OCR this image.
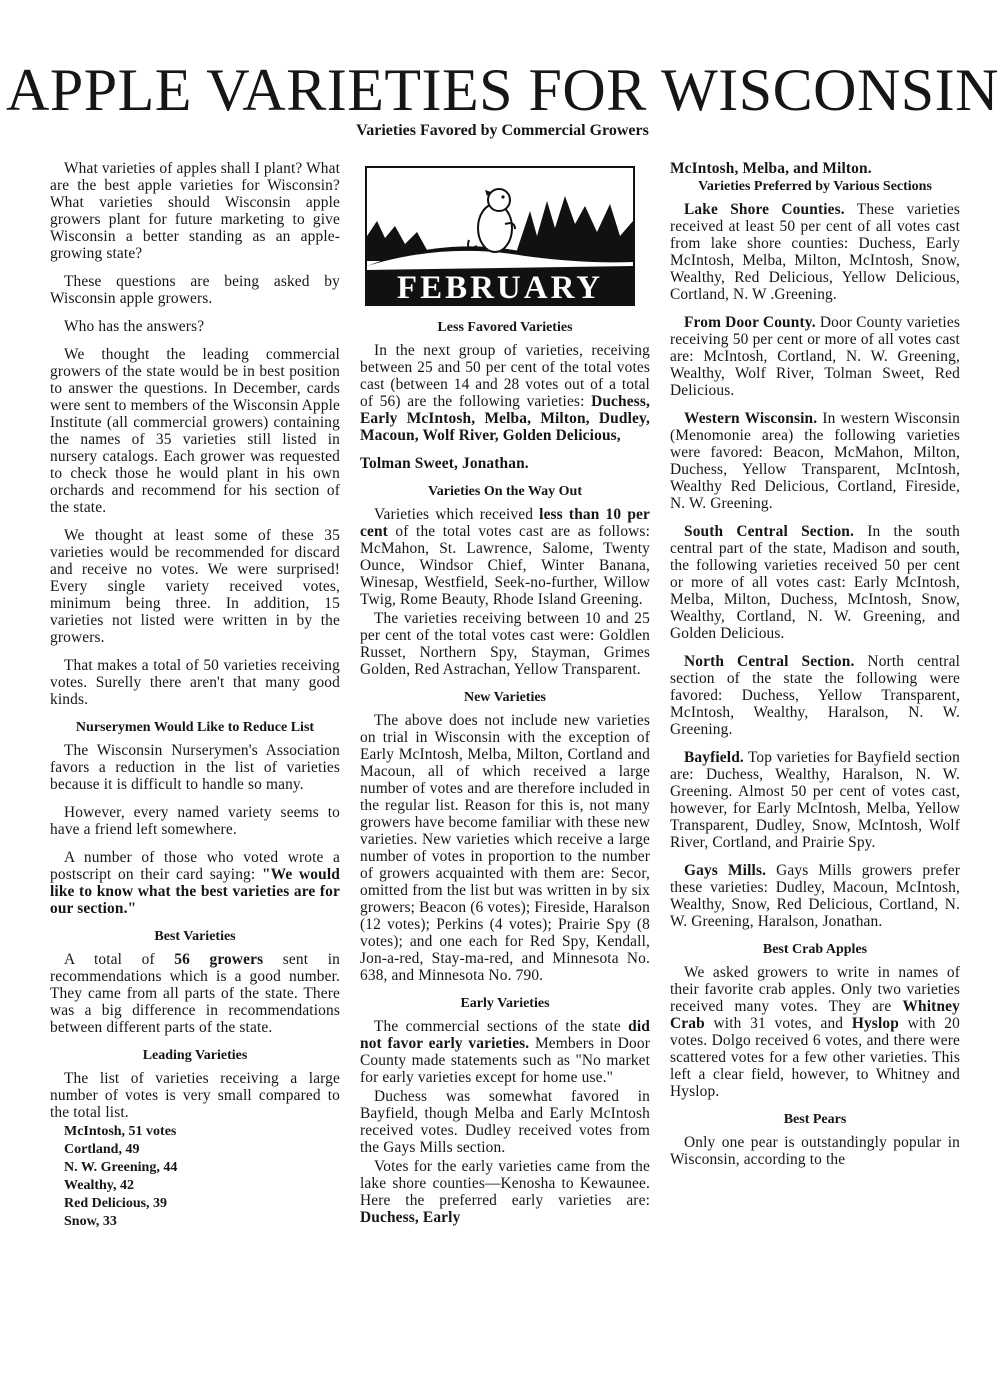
APPLE VARIETIES FOR WISCONSIN
Varieties Favored by Commercial Growers

What varieties of apples shall I plant? What are the best apple varieties for Wisconsin? What varieties should Wisconsin apple growers plant for future marketing to give Wisconsin a better standing as an apple-growing state?

These questions are being asked by Wisconsin apple growers.

Who has the answers?

We thought the leading commercial growers of the state would be in best position to answer the questions. In December, cards were sent to members of the Wisconsin Apple Institute (all commercial growers) containing the names of 35 varieties still listed in nursery catalogs. Each grower was requested to check those he would plant in his own orchards and recommend for his section of the state.

We thought at least some of these 35 varieties would be recommended for discard and receive no votes. We were surprised! Every single variety received votes, minimum being three. In addition, 15 varieties not listed were written in by the growers.

That makes a total of 50 varieties receiving votes. Surelly there aren't that many good kinds.

Nurserymen Would Like to Reduce List

The Wisconsin Nurserymen's Association favors a reduction in the list of varieties because it is difficult to handle so many.

However, every named variety seems to have a friend left somewhere.

A number of those who voted wrote a postscript on their card saying: "We would like to know what the best varieties are for our section."

Best Varieties

A total of 56 growers sent in recommendations which is a good number. They came from all parts of the state. There was a big difference in recommendations between different parts of the state.

Leading Varieties

The list of varieties receiving a large number of votes is very small compared to the total list.

McIntosh, 51 votes
Cortland, 49
N. W. Greening, 44
Wealthy, 42
Red Delicious, 39
Snow, 33
FEBRUARY
Less Favored Varieties

In the next group of varieties, receiving between 25 and 50 per cent of the total votes cast (between 14 and 28 votes out of a total of 56) are the following varieties: Duchess, Early McIntosh, Melba, Milton, Dudley, Macoun, Wolf River, Golden Delicious,

Tolman Sweet, Jonathan.

Varieties On the Way Out

Varieties which received less than 10 per cent of the total votes cast are as follows: McMahon, St. Lawrence, Salome, Twenty Ounce, Windsor Chief, Winter Banana, Winesap, Westfield, Seek-no-further, Willow Twig, Rome Beauty, Rhode Island Greening.

The varieties receiving between 10 and 25 per cent of the total votes cast were: Goldlen Russet, Northern Spy, Stayman, Grimes Golden, Red Astrachan, Yellow Transparent.

New Varieties

The above does not include new varieties on trial in Wisconsin with the exception of Early McIntosh, Melba, Milton, Cortland and Macoun, all of which received a large number of votes and are therefore included in the regular list. Reason for this is, not many growers have become familiar with these new varieties. New varieties which receive a large number of votes in proportion to the number of growers acquainted with them are: Secor, omitted from the list but was written in by six growers; Beacon (6 votes); Fireside, Haralson (12 votes); Perkins (4 votes); Prairie Spy (8 votes); and one each for Red Spy, Kendall, Jon-a-red, Stay-ma-red, and Minnesota No. 638, and Minnesota No. 790.

Early Varieties

The commercial sections of the state did not favor early varieties. Members in Door County made statements such as "No market for early varieties except for home use."

Duchess was somewhat favored in Bayfield, though Melba and Early McIntosh received votes. Dudley received votes from the Gays Mills section.

Votes for the early varieties came from the lake shore counties—Kenosha to Kewaunee. Here the preferred early varieties are: Duchess, Early

McIntosh, Melba, and Milton.

Varieties Preferred by Various Sections

Lake Shore Counties. These varieties received at least 50 per cent of all votes cast from lake shore counties: Duchess, Early McIntosh, Melba, Milton, McIntosh, Snow, Wealthy, Red Delicious, Yellow Delicious, Cortland, N. W .Greening.

From Door County. Door County varieties receiving 50 per cent or more of all votes cast are: McIntosh, Cortland, N. W. Greening, Wealthy, Wolf River, Tolman Sweet, Red Delicious.

Western Wisconsin. In western Wisconsin (Menomonie area) the following varieties were favored: Beacon, McMahon, Milton, Duchess, Yellow Transparent, McIntosh, Wealthy Red Delicious, Cortland, Fireside, N. W. Greening.

South Central Section. In the south central part of the state, Madison and south, the following varieties received 50 per cent or more of all votes cast: Early McIntosh, Melba, Milton, Duchess, McIntosh, Snow, Wealthy, Cortland, N. W. Greening, and Golden Delicious.

North Central Section. North central section of the state the following were favored: Duchess, Yellow Transparent, McIntosh, Wealthy, Haralson, N. W. Greening.

Bayfield. Top varieties for Bayfield section are: Duchess, Wealthy, Haralson, N. W. Greening. Almost 50 per cent of votes cast, however, for Early McIntosh, Melba, Yellow Transparent, Dudley, Snow, McIntosh, Wolf River, Cortland, and Prairie Spy.

Gays Mills. Gays Mills growers prefer these varieties: Dudley, Macoun, McIntosh, Wealthy, Snow, Red Delicious, Cortland, N. W. Greening, Haralson, Jonathan.

Best Crab Apples

We asked growers to write in names of their favorite crab apples. Only two varieties received many votes. They are Whitney Crab with 31 votes, and Hyslop with 20 votes. Dolgo received 6 votes, and there were scattered votes for a few other varieties. This left a clear field, however, to Whitney and Hyslop.

Best Pears

Only one pear is outstandingly popular in Wisconsin, according to the
